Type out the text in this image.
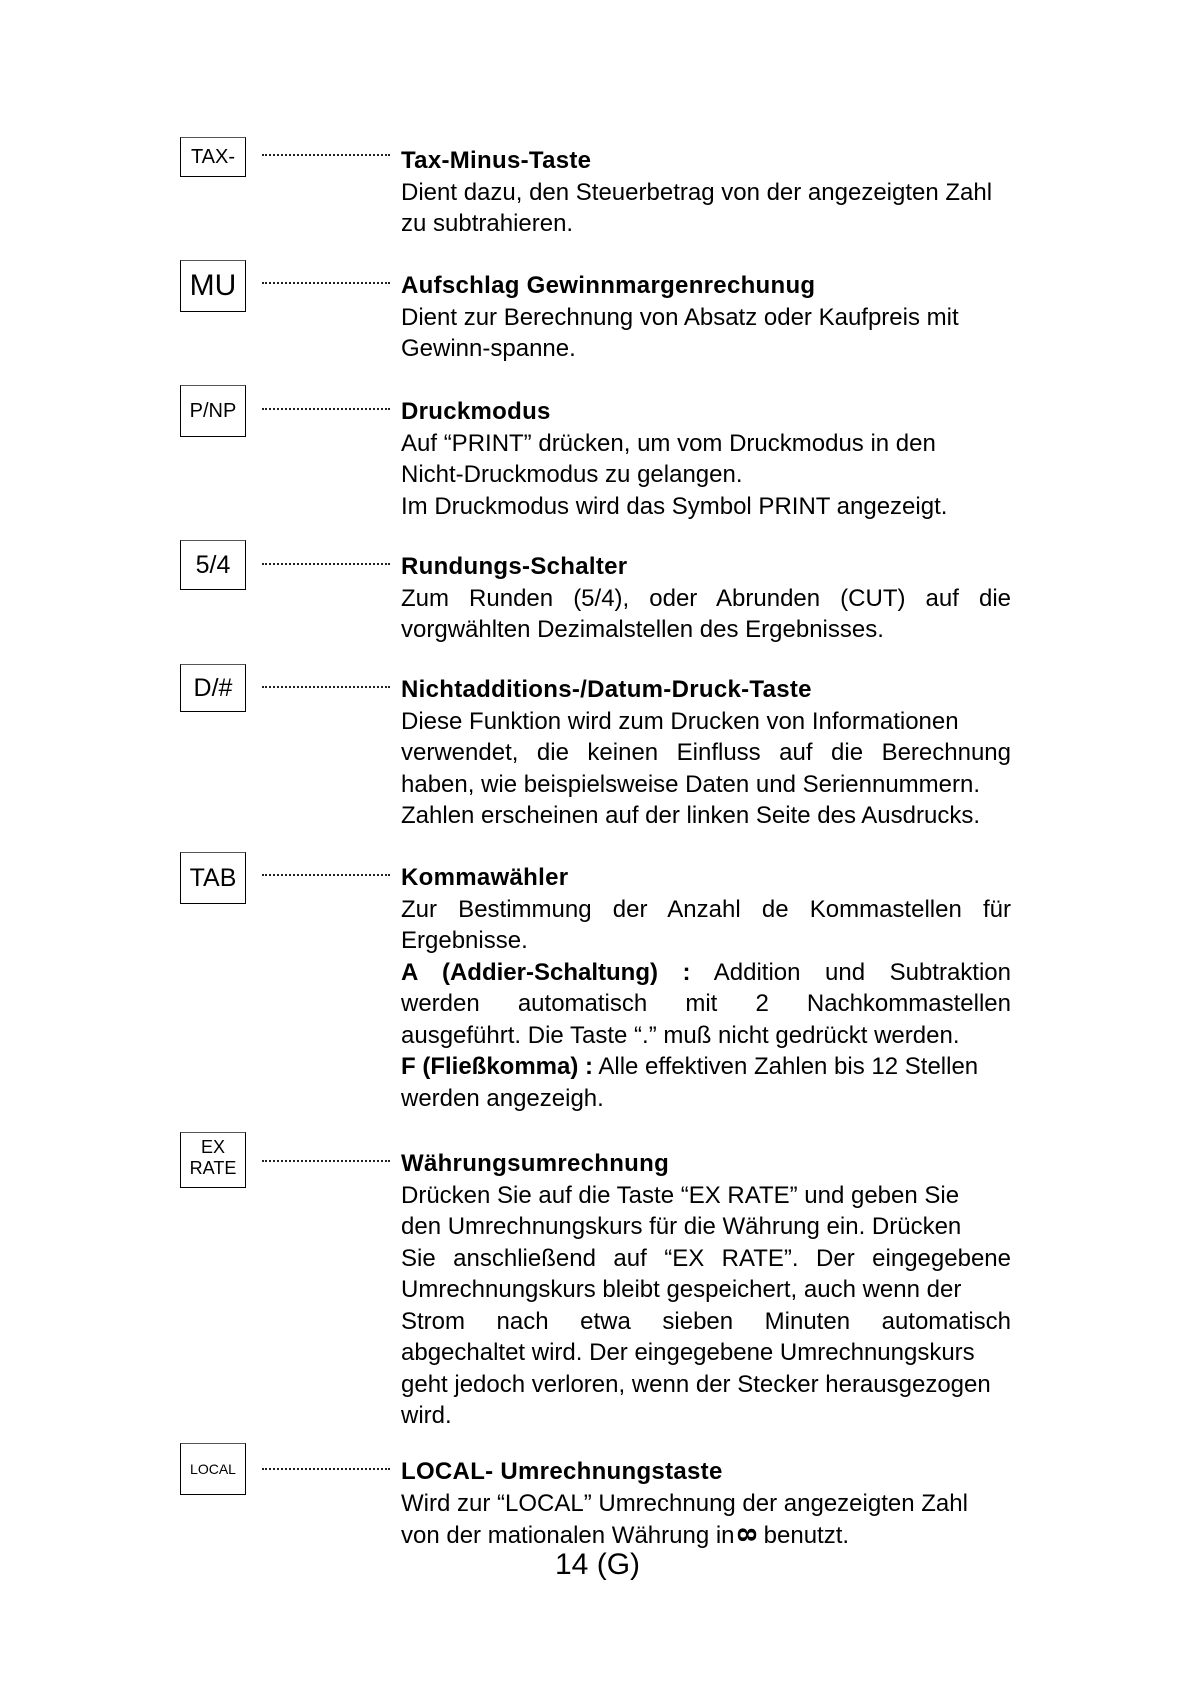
TAX-	Tax-Minus-Taste
Dient dazu, den Steuerbetrag von der angezeigten Zahl
zu subtrahieren.
MU	Aufschlag Gewinnmargenrechunug
Dient zur Berechnung von Absatz oder Kaufpreis mit
Gewinn-spanne.
P/NP	Druckmodus
Auf “PRINT” drücken, um vom Druckmodus in den
Nicht-Druckmodus zu gelangen.
Im Druckmodus wird das Symbol PRINT angezeigt.
5/4	Rundungs-Schalter
Zum Runden (5/4), oder Abrunden (CUT) auf die
vorgwählten Dezimalstellen des Ergebnisses.
D/#	Nichtadditions-/Datum-Druck-Taste
Diese Funktion wird zum Drucken von Informationen
verwendet, die keinen Einfluss auf die Berechnung
haben, wie beispielsweise Daten und Seriennummern.
Zahlen erscheinen auf der linken Seite des Ausdrucks.
TAB	Kommawähler
Zur Bestimmung der Anzahl de Kommastellen für
Ergebnisse.
A (Addier-Schaltung) : Addition und Subtraktion
werden automatisch mit 2 Nachkommastellen
ausgeführt. Die Taste “.” muß nicht gedrückt werden.
F (Fließkomma) : Alle effektiven Zahlen bis 12 Stellen
werden angezeigh.
EX
RATE	Währungsumrechnung
Drücken Sie auf die Taste “EX RATE” und geben Sie
den Umrechnungskurs für die Währung ein. Drücken
Sie anschließend auf “EX RATE”. Der eingegebene
Umrechnungskurs bleibt gespeichert, auch wenn der
Strom nach etwa sieben Minuten automatisch
abgechaltet wird. Der eingegebene Umrechnungskurs
geht jedoch verloren, wenn der Stecker herausgezogen
wird.
LOCAL	LOCAL- Umrechnungstaste
Wird zur “LOCAL” Umrechnung der angezeigten Zahl
von der mationalen Währung in8 benutzt.
14 (G)
